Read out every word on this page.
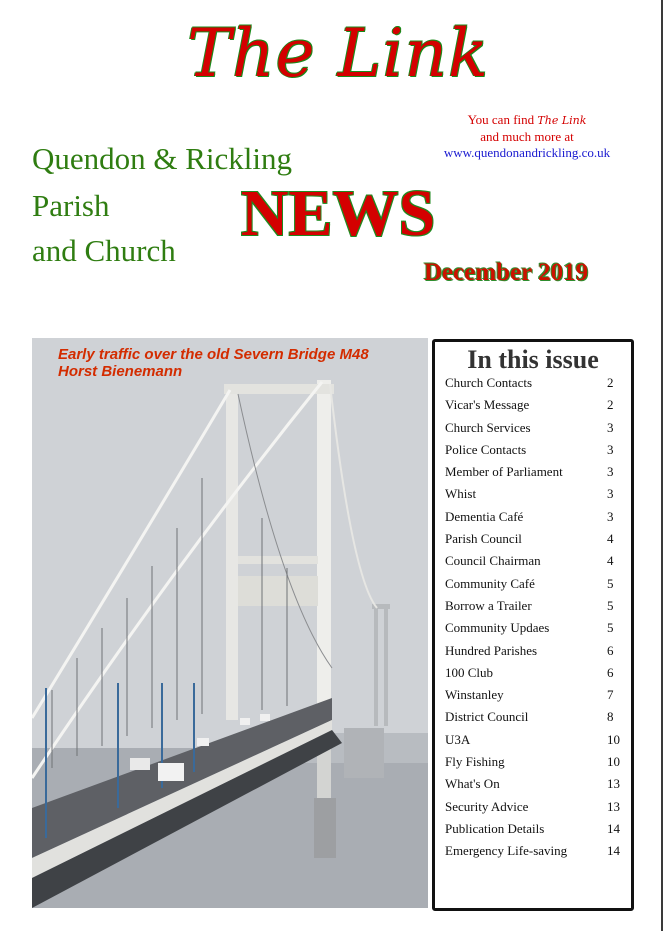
The Link
You can find The Link
and much more at
www.quendonandrickling.co.uk
Quendon & Rickling
Parish
and Church
NEWS
December 2019
Early traffic over the old Severn Bridge M48
Horst Bienemann	In this issue
Church Contacts	2
Vicar's Message	2
Church Services	3
Police Contacts	3
Member of Parliament	3
Whist	3
Dementia Café	3
Parish Council	4
Council Chairman	4
Community Café	5
Borrow a Trailer	5
Community Updaes	5
Hundred Parishes	6
100 Club	6
Winstanley	7
District Council	8
U3A	10
Fly Fishing	10
What's On	13
Security Advice	13
Publication Details	14
Emergency Life-saving	14
